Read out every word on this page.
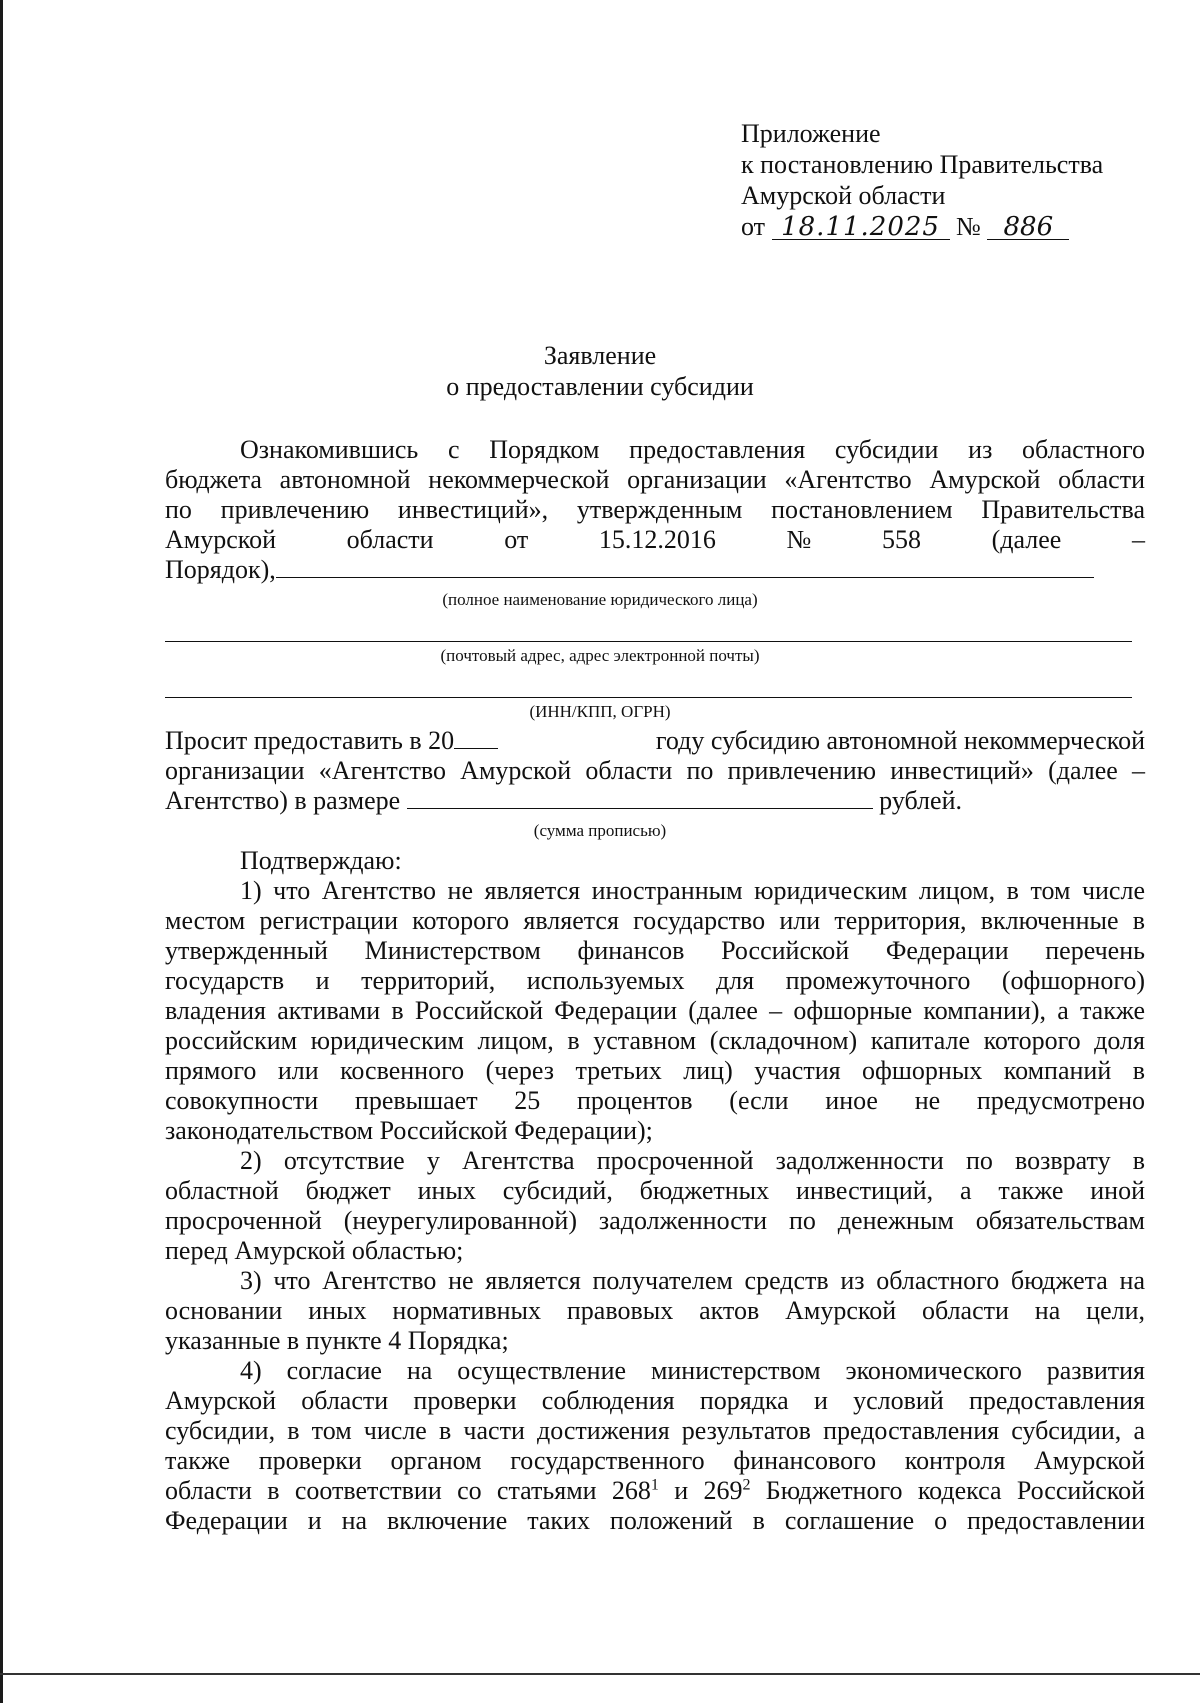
Приложение
к постановлению Правительства
Амурской области
от 18.11.2025 № 886
Заявление
о предоставлении субсидии
Ознакомившись с Порядком предоставления субсидии из областного
бюджета автономной некоммерческой организации «Агентство Амурской области
по привлечению инвестиций», утвержденным постановлением Правительства
Амурской	области	от	15.12.2016	№	558	(далее	–
Порядок),
(полное наименование юридического лица)
(почтовый адрес, адрес электронной почты)
(ИНН/КПП, ОГРН)
Просит предоставить в 20	году субсидию автономной некоммерческой
организации «Агентство Амурской области по привлечению инвестиций» (далее –
Агентство) в размере	рублей.
(сумма прописью)
Подтверждаю:
1) что Агентство не является иностранным юридическим лицом, в том числе
местом регистрации которого является государство или территория, включенные в
утвержденный Министерством финансов Российской Федерации перечень
государств и территорий, используемых для промежуточного (офшорного)
владения активами в Российской Федерации (далее – офшорные компании), а также
российским юридическим лицом, в уставном (складочном) капитале которого доля
прямого или косвенного (через третьих лиц) участия офшорных компаний в
совокупности превышает 25 процентов (если иное не предусмотрено
законодательством Российской Федерации);
2) отсутствие у Агентства просроченной задолженности по возврату в
областной бюджет иных субсидий, бюджетных инвестиций, а также иной
просроченной (неурегулированной) задолженности по денежным обязательствам
перед Амурской областью;
3) что Агентство не является получателем средств из областного бюджета на
основании иных нормативных правовых актов Амурской области на цели,
указанные в пункте 4 Порядка;
4) согласие на осуществление министерством экономического развития
Амурской области проверки соблюдения порядка и условий предоставления
субсидии, в том числе в части достижения результатов предоставления субсидии, а
также проверки органом государственного финансового контроля Амурской
области в соответствии со статьями $268^1$ и $269^2$ Бюджетного кодекса Российской
Федерации и на включение таких положений в соглашение о предоставлении
